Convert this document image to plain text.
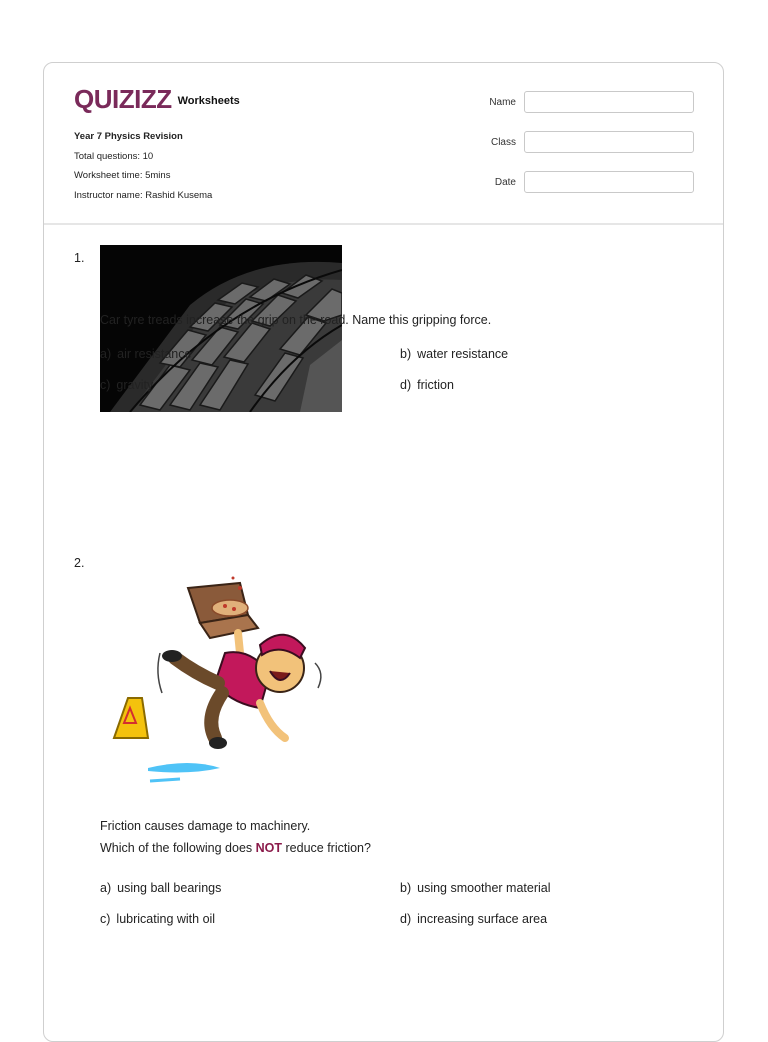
QUIZIZZ Worksheets
Year 7 Physics Revision
Total questions: 10
Worksheet time: 5mins
Instructor name: Rashid Kusema
Name
Class
Date
1.
Car tyre treads increase the grip on the road. Name this gripping force.
a) air resistance	b) water resistance
c) gravity	d) friction
2.
Friction causes damage to machinery.
Which of the following does NOT reduce friction?
a) using ball bearings	b) using smoother material
c) lubricating with oil	d) increasing surface area
